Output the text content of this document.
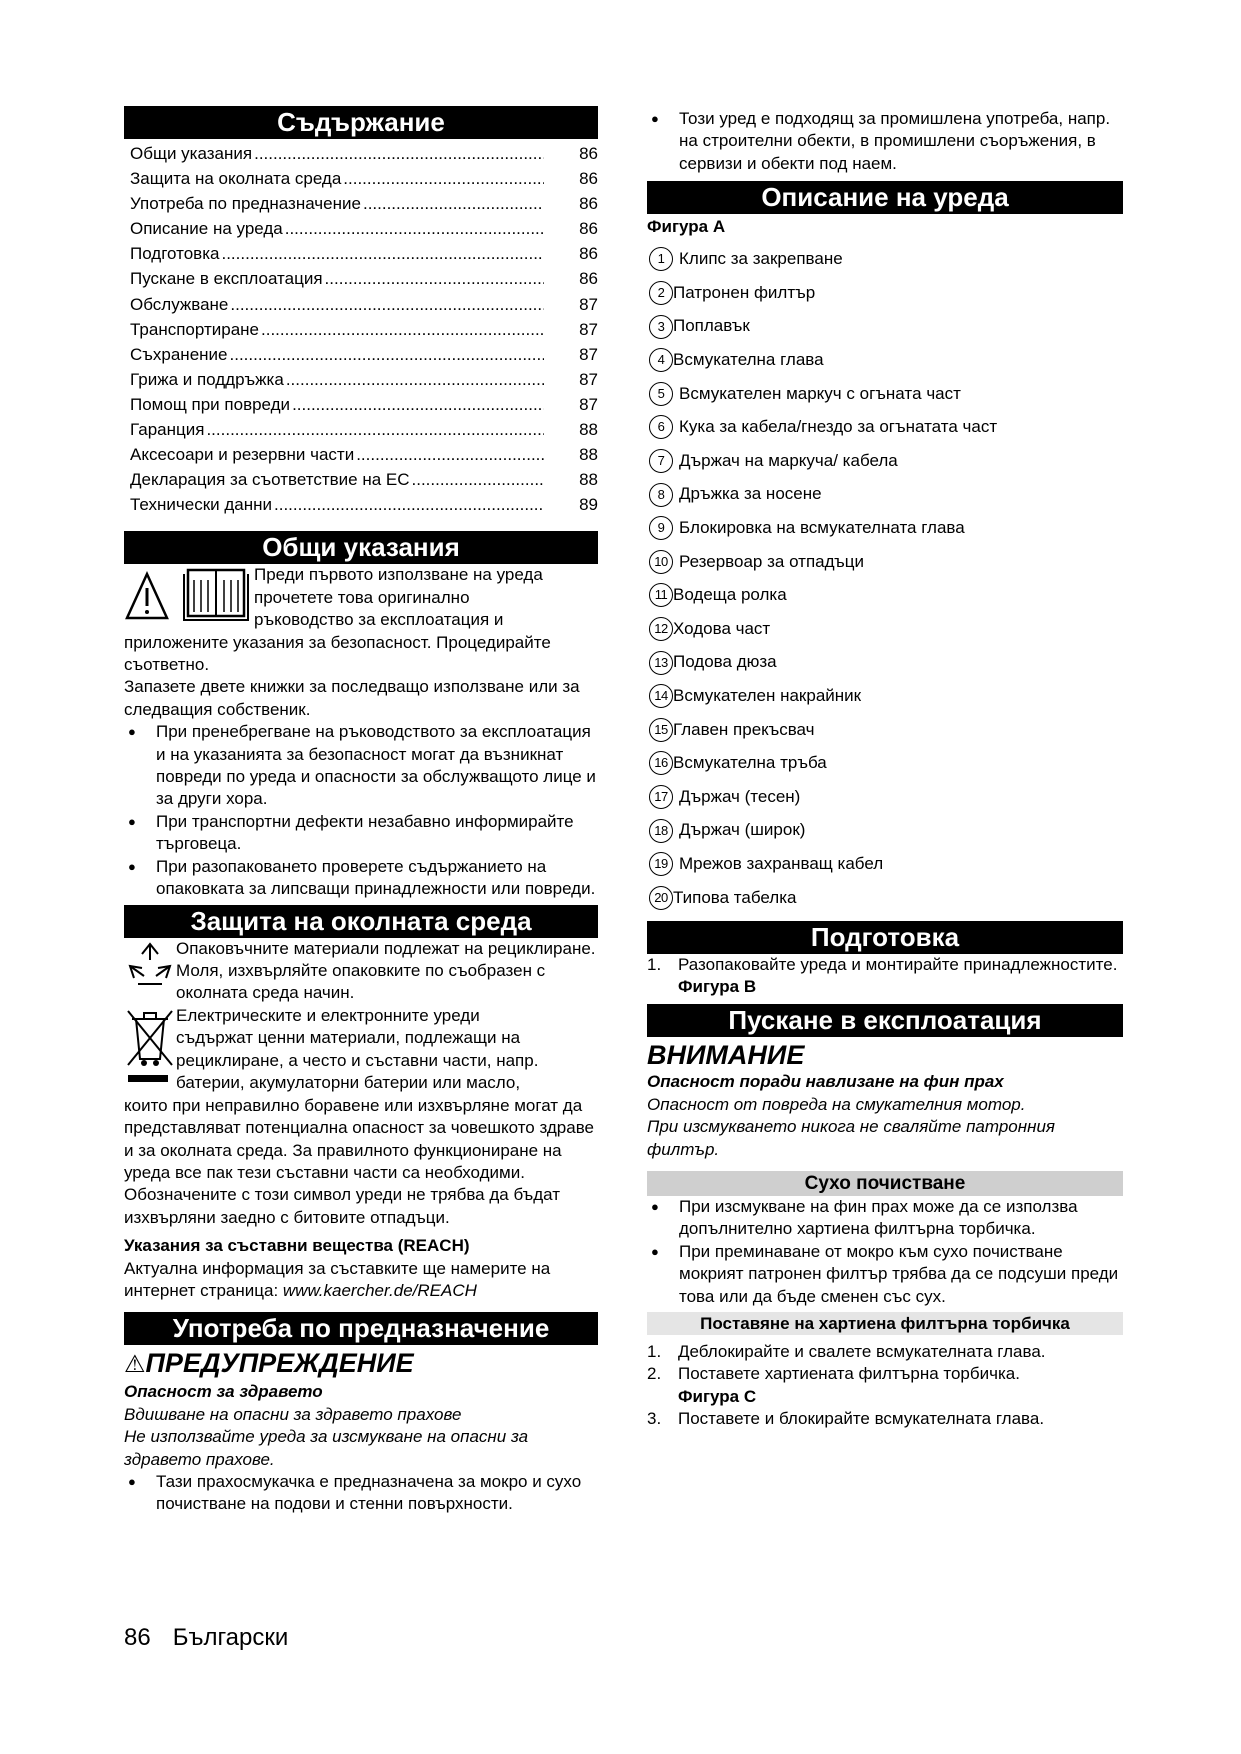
Съдържание
Общи указания .....	86
Защита на околната среда .....	86
Употреба по предназначение .....	86
Описание на уреда .....	86
Подготовка .....	86
Пускане в експлоатация .....	86
Обслужване .....	87
Транспортиране .....	87
Съхранение .....	87
Грижа и поддръжка .....	87
Помощ при повреди .....	87
Гаранция .....	88
Аксесоари и резервни части .....	88
Декларация за съответствие на ЕС .....	88
Технически данни .....	89
Общи указания

Преди първото използване на уреда

прочетете това оригинално

ръководство за експлоатация и

приложените указания за безопасност. Процедирайте съответно.

Запазете двете книжки за последващо използване или за следващия собственик.

● При пренебрегване на ръководството за експлоатация и на указанията за безопасност могат да възникнат повреди по уреда и опасности за обслужващото лице и за други хора.
● При транспортни дефекти незабавно информирайте търговеца.
● При разопаковането проверете съдържанието на опаковката за липсващи принадлежности или повреди.
Защита на околната среда

Опаковъчните материали подлежат на рециклиране. Моля, изхвърляйте опаковките по съобразен с околната среда начин.

Електрическите и електронните уреди

съдържат ценни материали, подлежащи на

рециклиране, а често и съставни части, напр.

батерии, акумулаторни батерии или масло,

които при неправилно боравене или изхвърляне могат да представляват потенциална опасност за човешкото здраве и за околната среда. За правилното функциониране на уреда все пак тези съставни части са необходими. Обозначените с този символ уреди не трябва да бъдат изхвърляни заедно с битовите отпадъци.

Указания за съставни вещества (REACH)

Актуална информация за съставките ще намерите на интернет страница: www.kaercher.de/REACH

Употреба по предназначение
⚠ПРЕДУПРЕЖДЕНИЕ

Опасност за здравето

Вдишване на опасни за здравето прахове

Не използвайте уреда за изсмукване на опасни за здравето прахове.

● Тази прахосмукачка е предназначена за мокро и сухо почистване на подови и стенни повърхности.
● Този уред е подходящ за промишлена употреба, напр. на строителни обекти, в промишлени съоръжения, в сервизи и обекти под наем.
Описание на уреда

Фигура A

1 Клипс за закрепване
2 Патронен филтър
3 Поплавък
4 Всмукателна глава
5 Всмукателен маркуч с огънатa част
6 Кука за кабела/гнездо за огънатата част
7 Държач на маркуча/ кабела
8 Дръжка за носене
9 Блокировка на всмукателната глава
10 Резервоар за отпадъци
11 Водеща ролка
12 Ходова част
13 Подова дюза
14 Всмукателен накрайник
15 Главен прекъсвач
16 Всмукателна тръба
17 Държач (тесен)
18 Държач (широк)
19 Мрежов захранващ кабел
20 Типова табелка
Подготовка
1. Разопаковайте уреда и монтирайте принадлежностите.
Фигура B
Пускане в експлоатация
ВНИМАНИЕ

Опасност поради навлизане на фин прах

Опасност от повреда на смукателния мотор.

При изсмукването никога не сваляйте патронния филтър.

Сухо почистване
● При изсмукване на фин прах може да се използва допълнително хартиена филтърна торбичка.
● При преминаване от мокро към сухо почистване мокрият патронен филтър трябва да се подсуши преди това или да бъде сменен със сух.
Поставяне на хартиена филтърна торбичка
1. Деблокирайте и свалете всмукателната глава.
2. Поставете хартиената филтърна торбичка.
Фигура C
3. Поставете и блокирайте всмукателната глава.
86 Български
